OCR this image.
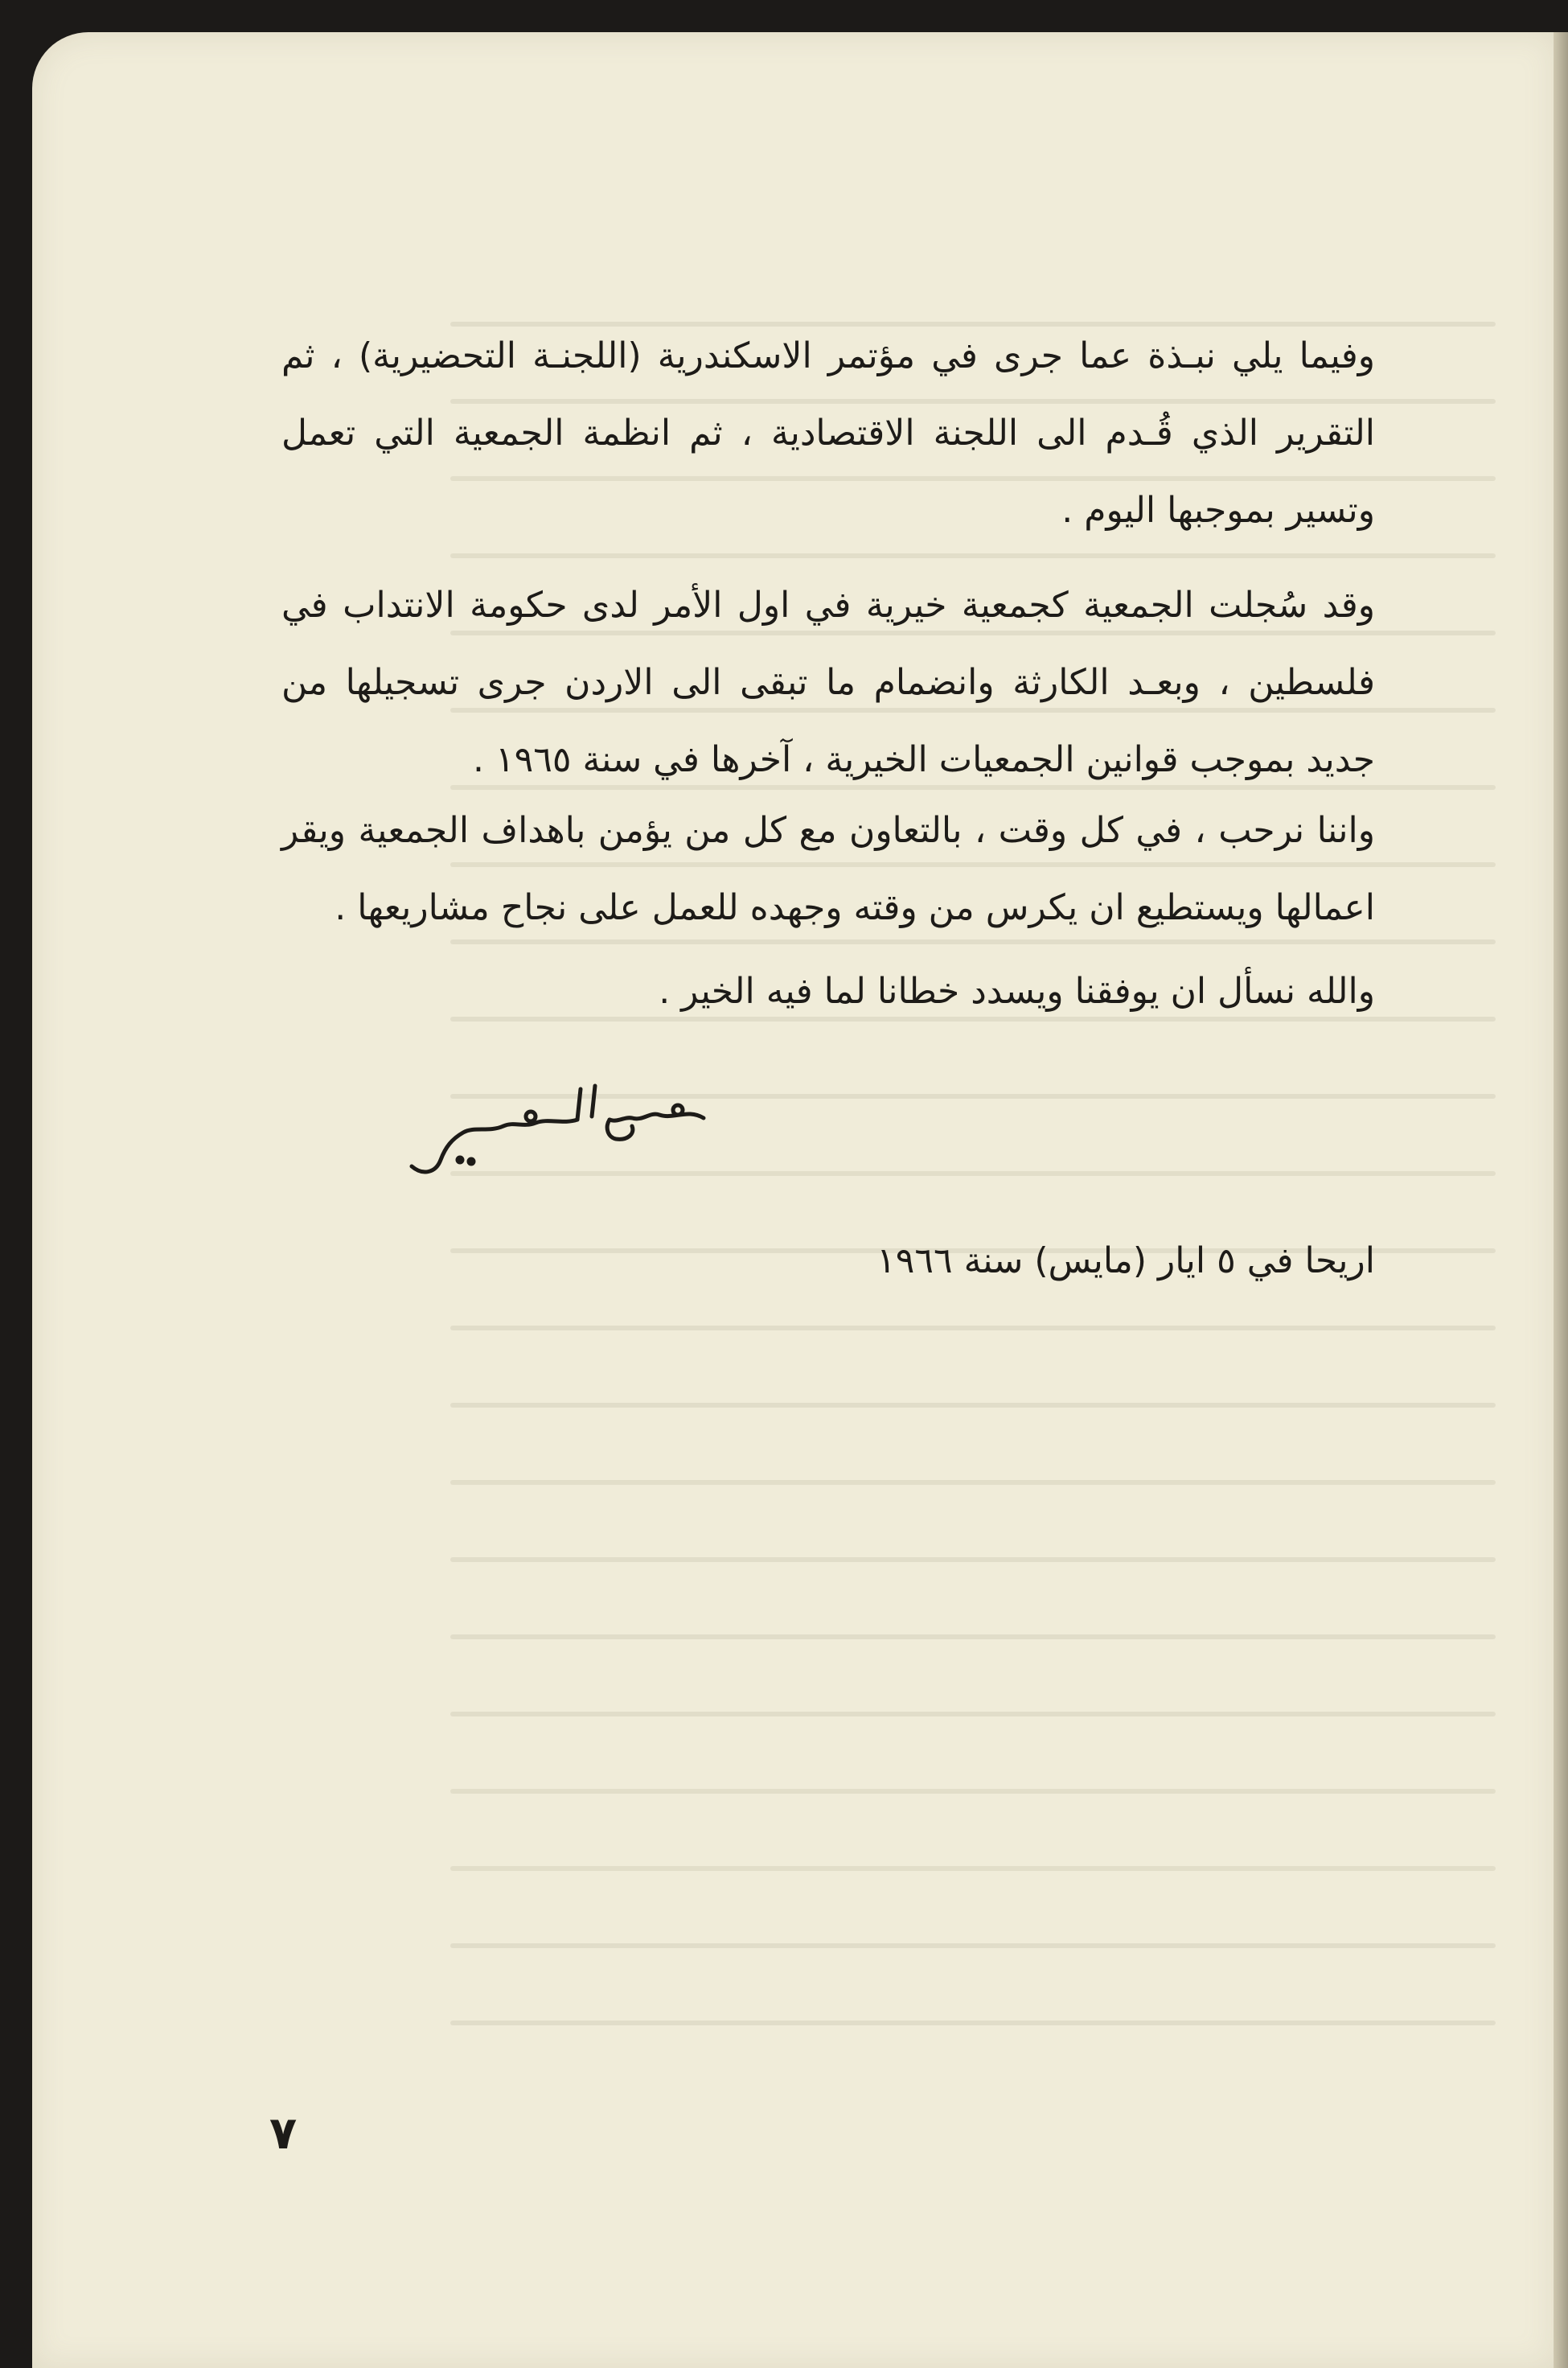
وفيما يلي نبـذة عما جرى في مؤتمر الاسكندرية (اللجنـة التحضيرية) ، ثم التقرير الذي قُـدم الى اللجنة الاقتصادية ، ثم انظمة الجمعية التي تعمل وتسير بموجبها اليوم .

وقد سُجلت الجمعية كجمعية خيرية في اول الأمر لدى حكومة الانتداب في فلسطين ، وبعـد الكارثة وانضمام ما تبقى الى الاردن جرى تسجيلها من جديد بموجب قوانين الجمعيات الخيرية ، آخرها في سنة ١٩٦٥ .

واننا نرحب ، في كل وقت ، بالتعاون مع كل من يؤمن باهداف الجمعية ويقر اعمالها ويستطيع ان يكرس من وقته وجهده للعمل على نجاح مشاريعها .

والله نسأل ان يوفقنا ويسدد خطانا لما فيه الخير .

اريحا في ٥ ايار (مايس) سنة ١٩٦٦
٧
